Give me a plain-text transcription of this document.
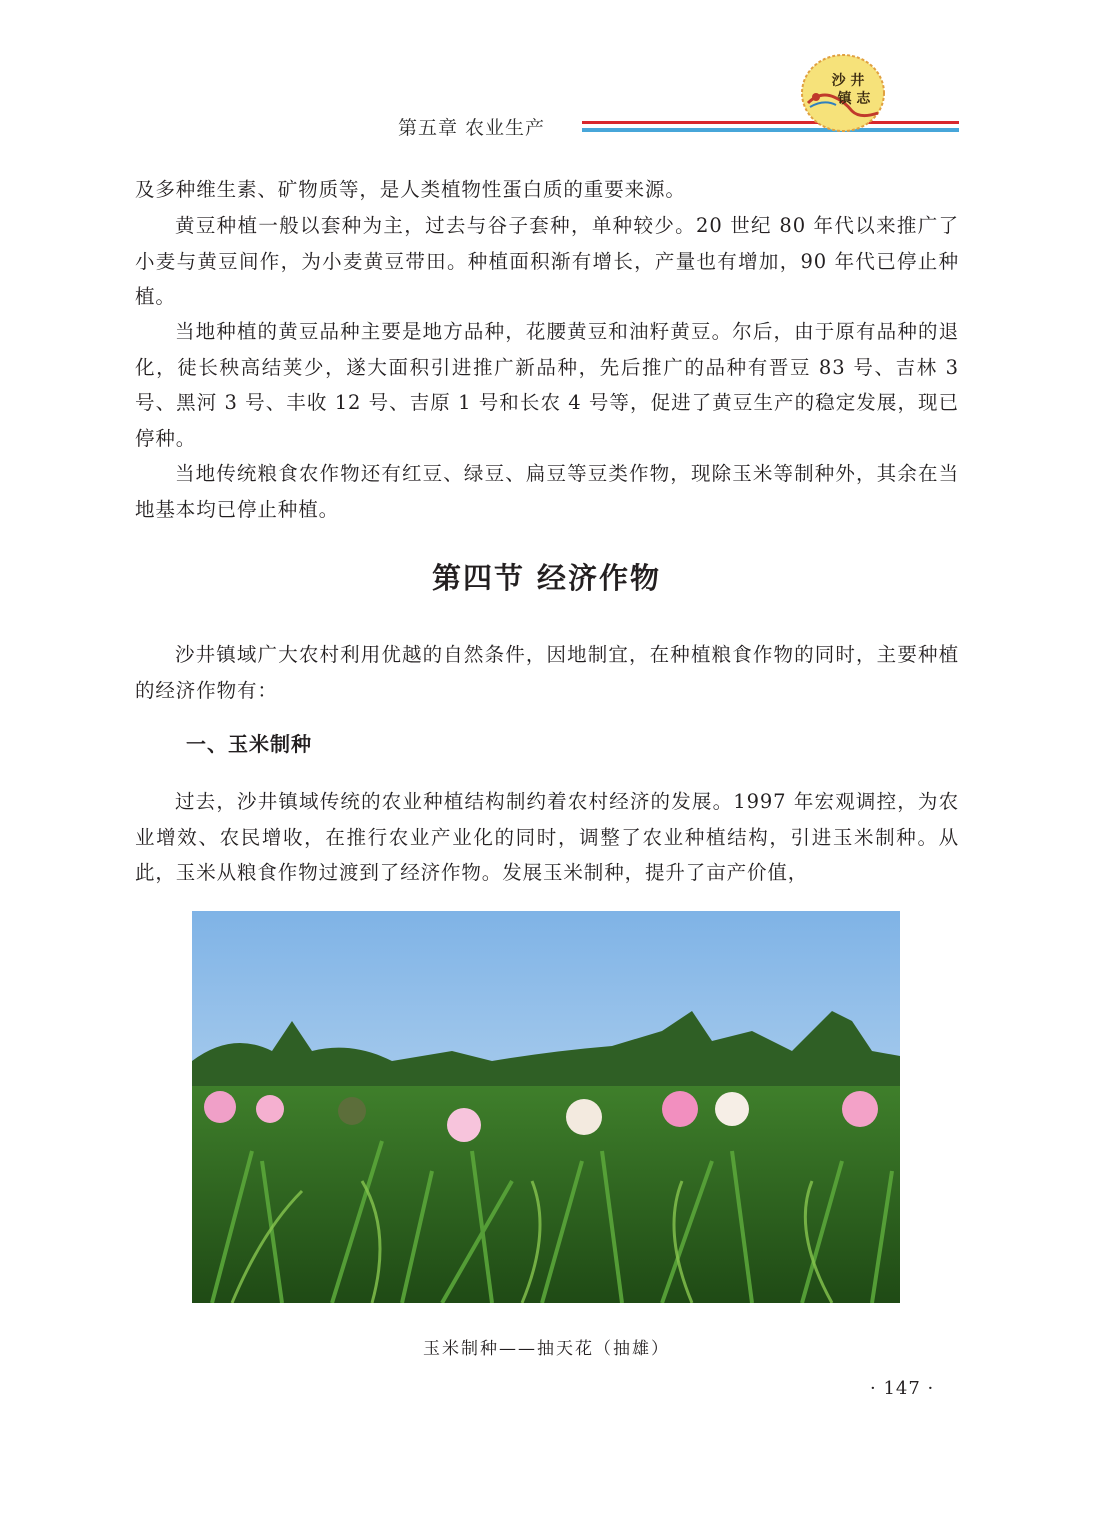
第五章 农业生产
沙 井
镇 志

及多种维生素、矿物质等，是人类植物性蛋白质的重要来源。

黄豆种植一般以套种为主，过去与谷子套种，单种较少。20 世纪 80 年代以来推广了小麦与黄豆间作，为小麦黄豆带田。种植面积渐有增长，产量也有增加，90 年代已停止种植。

当地种植的黄豆品种主要是地方品种，花腰黄豆和油籽黄豆。尔后，由于原有品种的退化，徒长秧高结荚少，遂大面积引进推广新品种，先后推广的品种有晋豆 83 号、吉林 3 号、黑河 3 号、丰收 12 号、吉原 1 号和长农 4 号等，促进了黄豆生产的稳定发展，现已停种。

当地传统粮食农作物还有红豆、绿豆、扁豆等豆类作物，现除玉米等制种外，其余在当地基本均已停止种植。

第四节 经济作物

沙井镇域广大农村利用优越的自然条件，因地制宜，在种植粮食作物的同时，主要种植的经济作物有：

一、玉米制种

过去，沙井镇域传统的农业种植结构制约着农村经济的发展。1997 年宏观调控，为农业增效、农民增收，在推行农业产业化的同时，调整了农业种植结构，引进玉米制种。从此，玉米从粮食作物过渡到了经济作物。发展玉米制种，提升了亩产价值，

玉米制种——抽天花（抽雄）
· 147 ·
